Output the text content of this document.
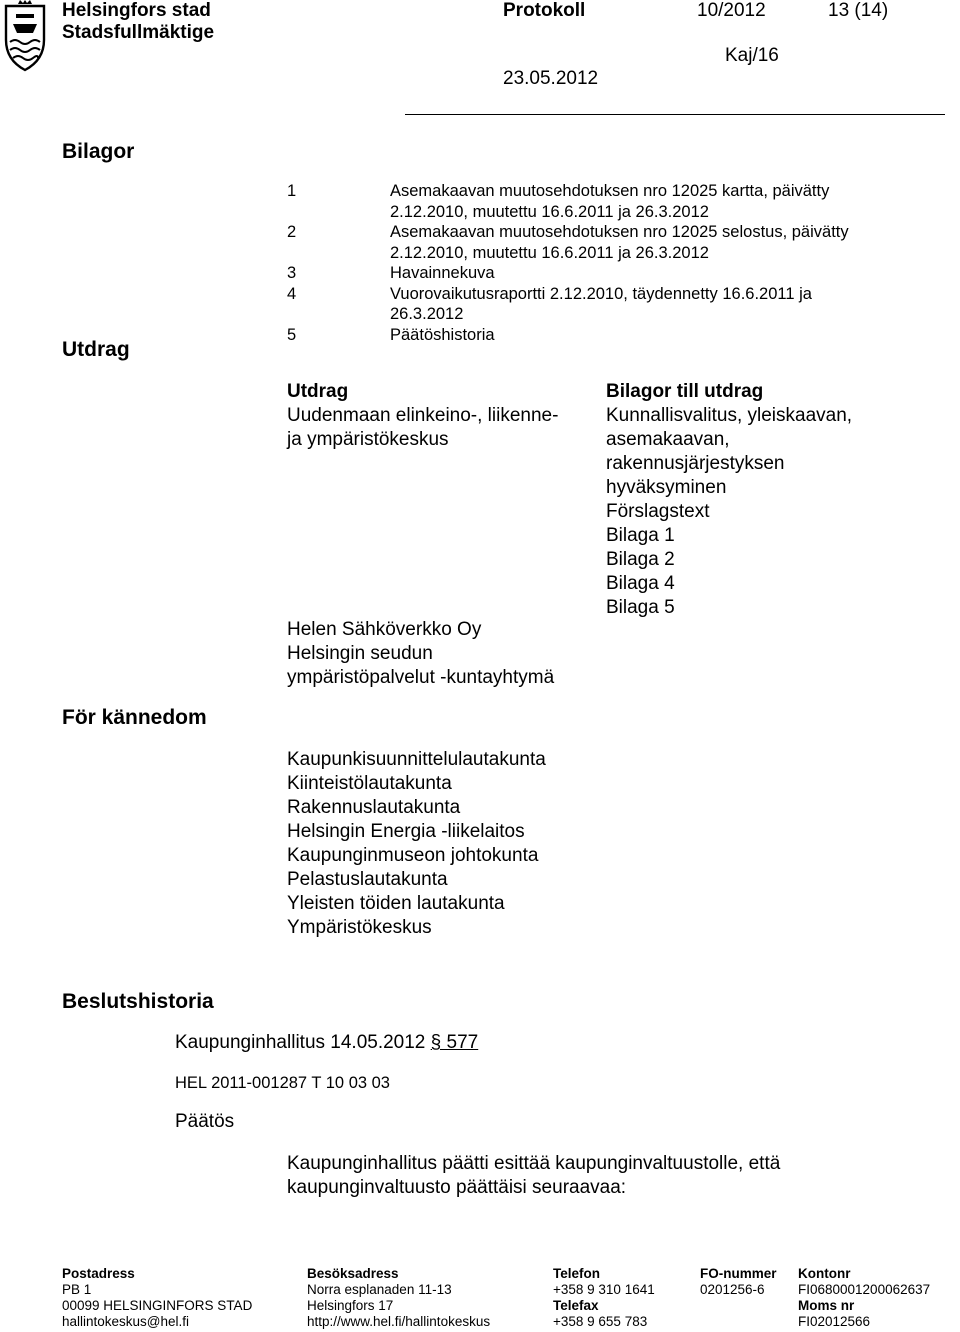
Helsingfors stad
Stadsfullmäktige
Protokoll	10/2012	13 (14)
Kaj/16
23.05.2012
Bilagor
1	Asemakaavan muutosehdotuksen nro 12025 kartta, päivätty 2.12.2010, muutettu 16.6.2011 ja 26.3.2012
2	Asemakaavan muutosehdotuksen nro 12025 selostus, päivätty 2.12.2010, muutettu 16.6.2011 ja 26.3.2012
3	Havainnekuva
4	Vuorovaikutusraportti 2.12.2010, täydennetty 16.6.2011 ja 26.3.2012
5	Päätöshistoria
Utdrag
Utdrag
Uudenmaan elinkeino-, liikenne-
ja ympäristökeskus
Helen Sähköverkko Oy
Helsingin seudun
ympäristöpalvelut -kuntayhtymä
Bilagor till utdrag
Kunnallisvalitus, yleiskaavan,
asemakaavan,
rakennusjärjestyksen
hyväksyminen
Förslagstext
Bilaga 1
Bilaga 2
Bilaga 4
Bilaga 5
För kännedom
Kaupunkisuunnittelulautakunta
Kiinteistölautakunta
Rakennuslautakunta
Helsingin Energia -liikelaitos
Kaupunginmuseon johtokunta
Pelastuslautakunta
Yleisten töiden lautakunta
Ympäristökeskus
Beslutshistoria
Kaupunginhallitus 14.05.2012 § 577
HEL 2011-001287 T 10 03 03
Päätös
Kaupunginhallitus päätti esittää kaupunginvaltuustolle, että
kaupunginvaltuusto päättäisi seuraavaa:
Postadress
PB 1
00099 HELSINGINFORS STAD
hallintokeskus@hel.fi
Besöksadress
Norra esplanaden 11-13
Helsingfors 17
http://www.hel.fi/hallintokeskus
Telefon
+358 9 310 1641
Telefax
+358 9 655 783
FO-nummer
0201256-6
Kontonr
FI0680001200062637
Moms nr
FI02012566
